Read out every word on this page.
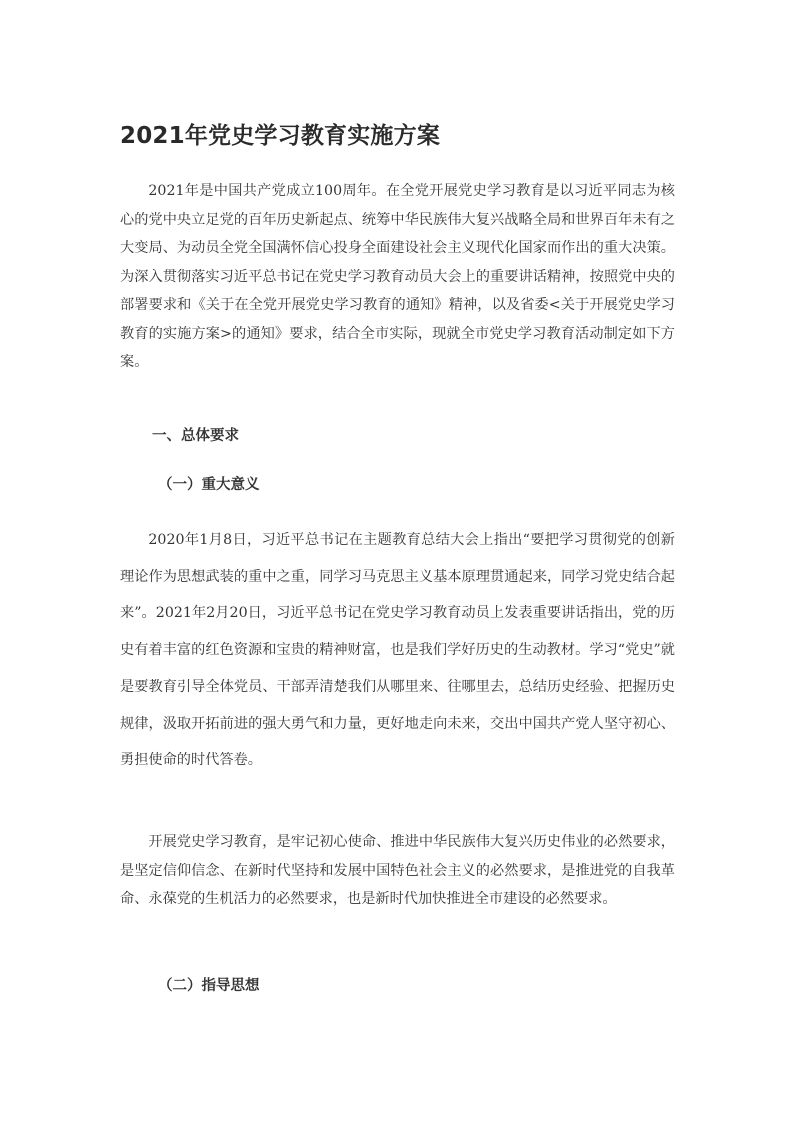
2021年党史学习教育实施方案

2021年是中国共产党成立100周年。在全党开展党史学习教育是以习近平同志为核心的党中央立足党的百年历史新起点、统筹中华民族伟大复兴战略全局和世界百年未有之大变局、为动员全党全国满怀信心投身全面建设社会主义现代化国家而作出的重大决策。为深入贯彻落实习近平总书记在党史学习教育动员大会上的重要讲话精神，按照党中央的部署要求和《关于在全党开展党史学习教育的通知》精神，以及省委<关于开展党史学习教育的实施方案>的通知》要求，结合全市实际，现就全市党史学习教育活动制定如下方案。

一、总体要求
（一）重大意义

2020年1月8日，习近平总书记在主题教育总结大会上指出“要把学习贯彻党的创新理论作为思想武装的重中之重，同学习马克思主义基本原理贯通起来，同学习党史结合起来”。2021年2月20日，习近平总书记在党史学习教育动员上发表重要讲话指出，党的历史有着丰富的红色资源和宝贵的精神财富，也是我们学好历史的生动教材。学习“党史”就是要教育引导全体党员、干部弄清楚我们从哪里来、往哪里去，总结历史经验、把握历史规律，汲取开拓前进的强大勇气和力量，更好地走向未来，交出中国共产党人坚守初心、勇担使命的时代答卷。

开展党史学习教育，是牢记初心使命、推进中华民族伟大复兴历史伟业的必然要求，是坚定信仰信念、在新时代坚持和发展中国特色社会主义的必然要求，是推进党的自我革命、永葆党的生机活力的必然要求，也是新时代加快推进全市建设的必然要求。

（二）指导思想
